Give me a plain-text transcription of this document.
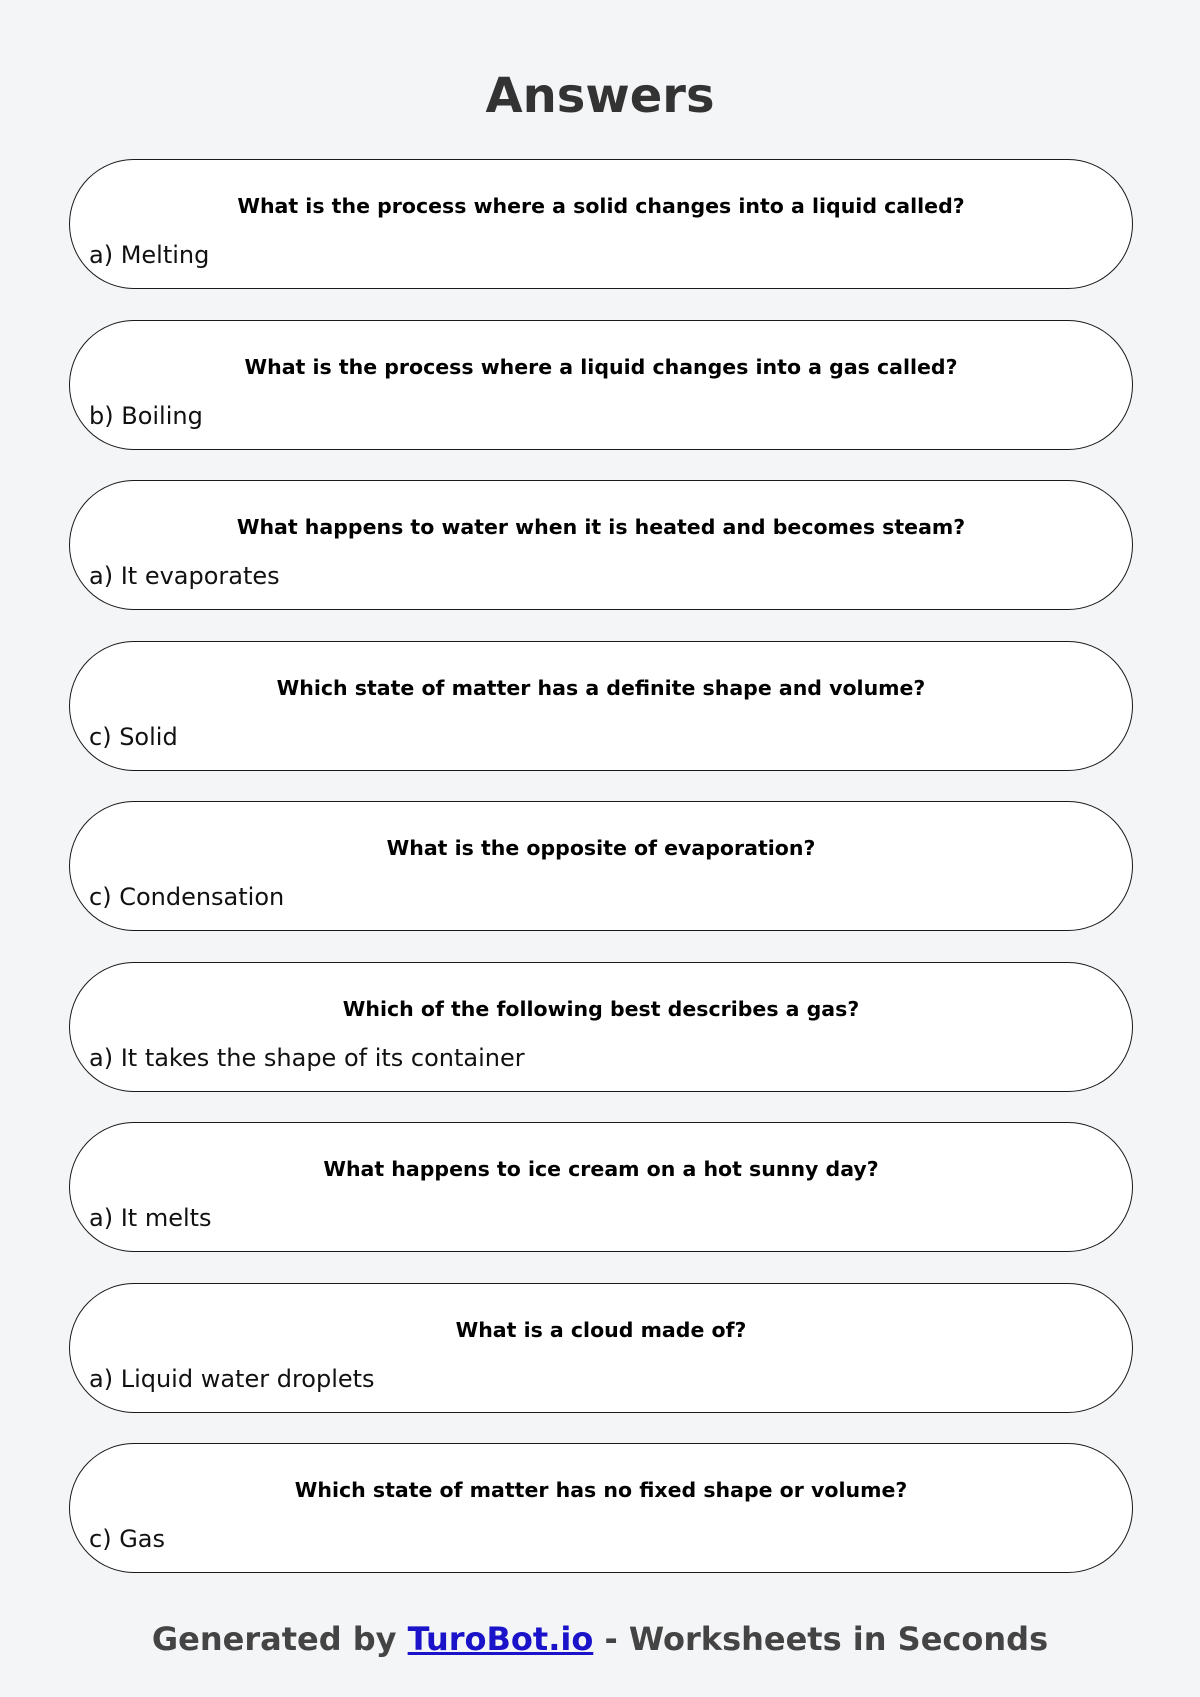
Answers
What is the process where a solid changes into a liquid called?
a) Melting
What is the process where a liquid changes into a gas called?
b) Boiling
What happens to water when it is heated and becomes steam?
a) It evaporates
Which state of matter has a definite shape and volume?
c) Solid
What is the opposite of evaporation?
c) Condensation
Which of the following best describes a gas?
a) It takes the shape of its container
What happens to ice cream on a hot sunny day?
a) It melts
What is a cloud made of?
a) Liquid water droplets
Which state of matter has no fixed shape or volume?
c) Gas
Generated by TuroBot.io - Worksheets in Seconds
